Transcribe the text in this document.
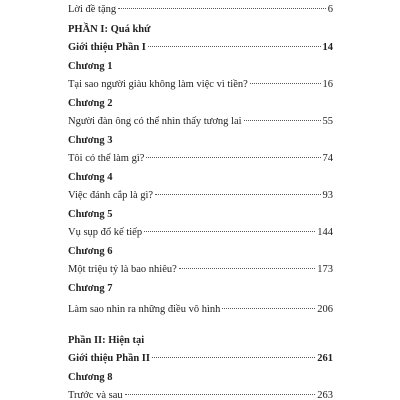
Lời đề tặng	6
PHẦN I: Quá khứ
Giới thiệu Phần I	14
Chương 1
Tại sao người giàu không làm việc vì tiền?	16
Chương 2
Người đàn ông có thể nhìn thấy tương lai	55
Chương 3
Tôi có thể làm gì?	74
Chương 4
Việc đánh cắp là gì?	93
Chương 5
Vụ sụp đổ kế tiếp	144
Chương 6
Một triệu tỷ là bao nhiêu?	173
Chương 7
Làm sao nhìn ra những điều vô hình	206
Phần II: Hiện tại
Giới thiệu Phần II	261
Chương 8
Trước và sau	263
